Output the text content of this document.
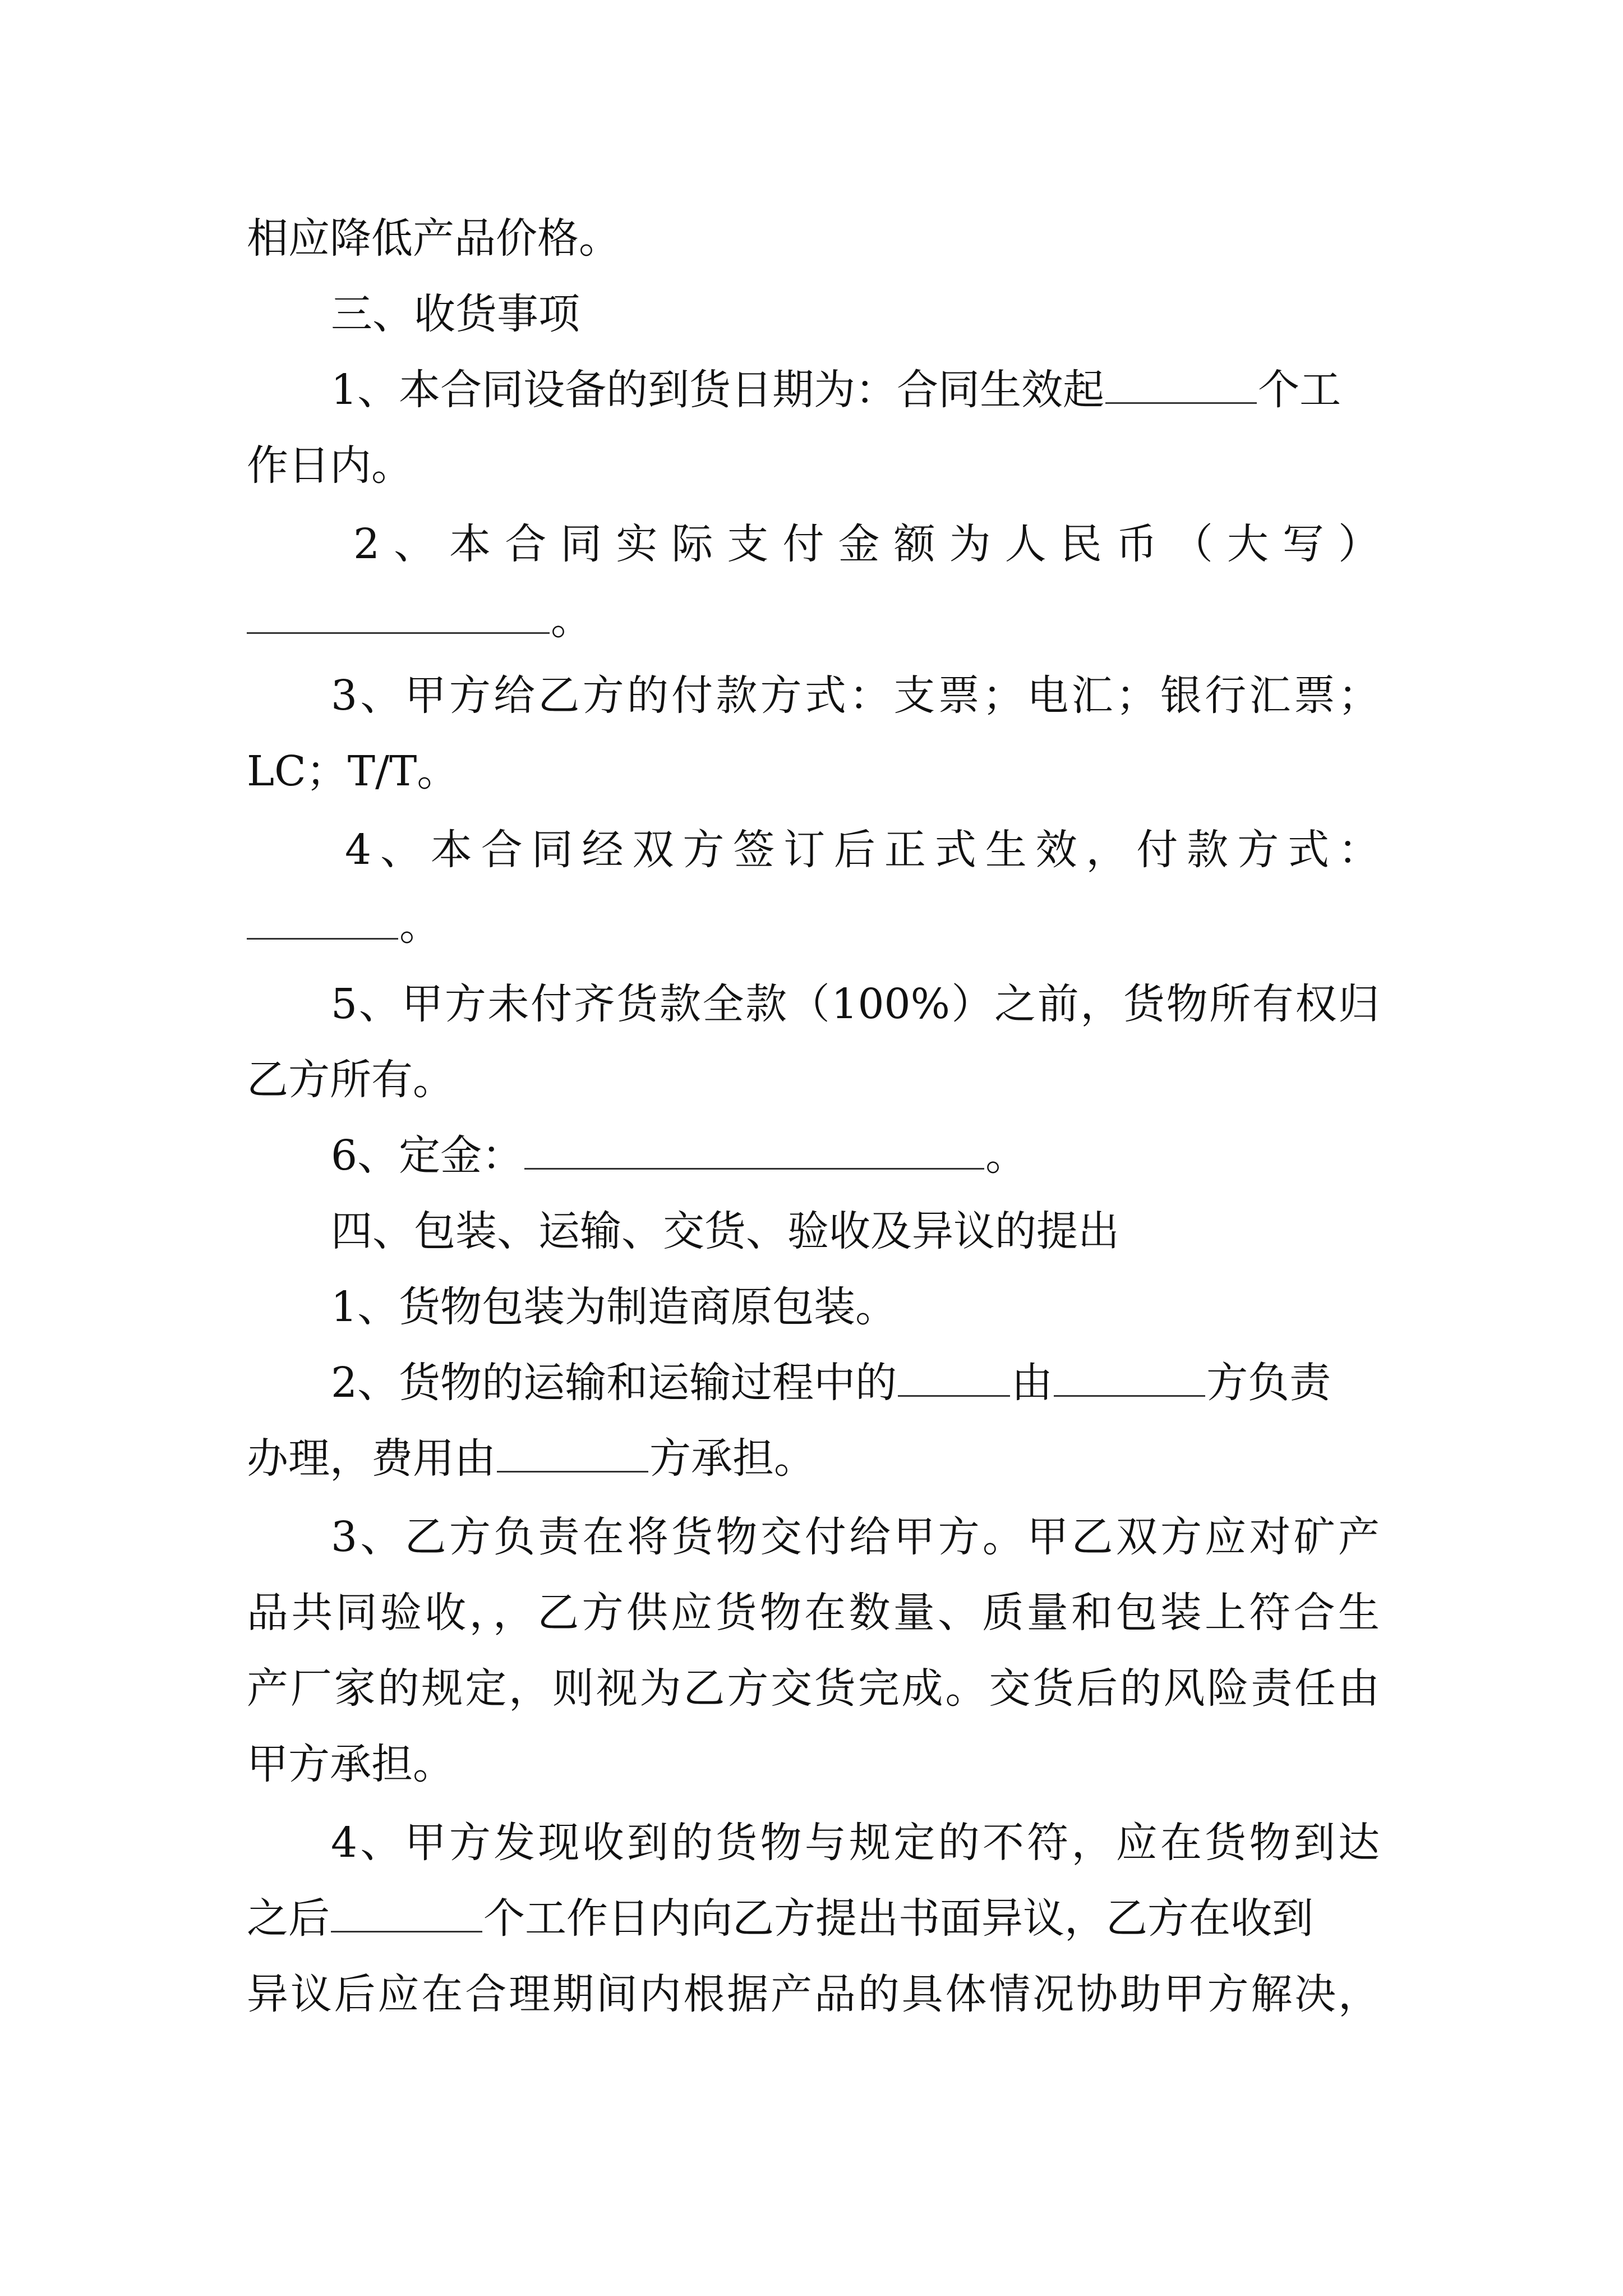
相应降低产品价格。
三、收货事项
1、本合同设备的到货日期为：合同生效起	个工
作日内。
2、本合同实际支付金额为人民币（大写）
。
3、甲方给乙方的付款方式：支票；电汇；银行汇票；
LC；T/T。
4、本合同经双方签订后正式生效，付款方式：
。
5、甲方未付齐货款全款（100%）之前，货物所有权归
乙方所有。
6、定金：	。
四、包装、运输、交货、验收及异议的提出
1、货物包装为制造商原包装。
2、货物的运输和运输过程中的	由	方负责
办理，费用由	方承担。
3、乙方负责在将货物交付给甲方。甲乙双方应对矿产
品共同验收，，乙方供应货物在数量、质量和包装上符合生
产厂家的规定，则视为乙方交货完成。交货后的风险责任由
甲方承担。
4、甲方发现收到的货物与规定的不符，应在货物到达
之后	个工作日内向乙方提出书面异议，乙方在收到
异议后应在合理期间内根据产品的具体情况协助甲方解决，
